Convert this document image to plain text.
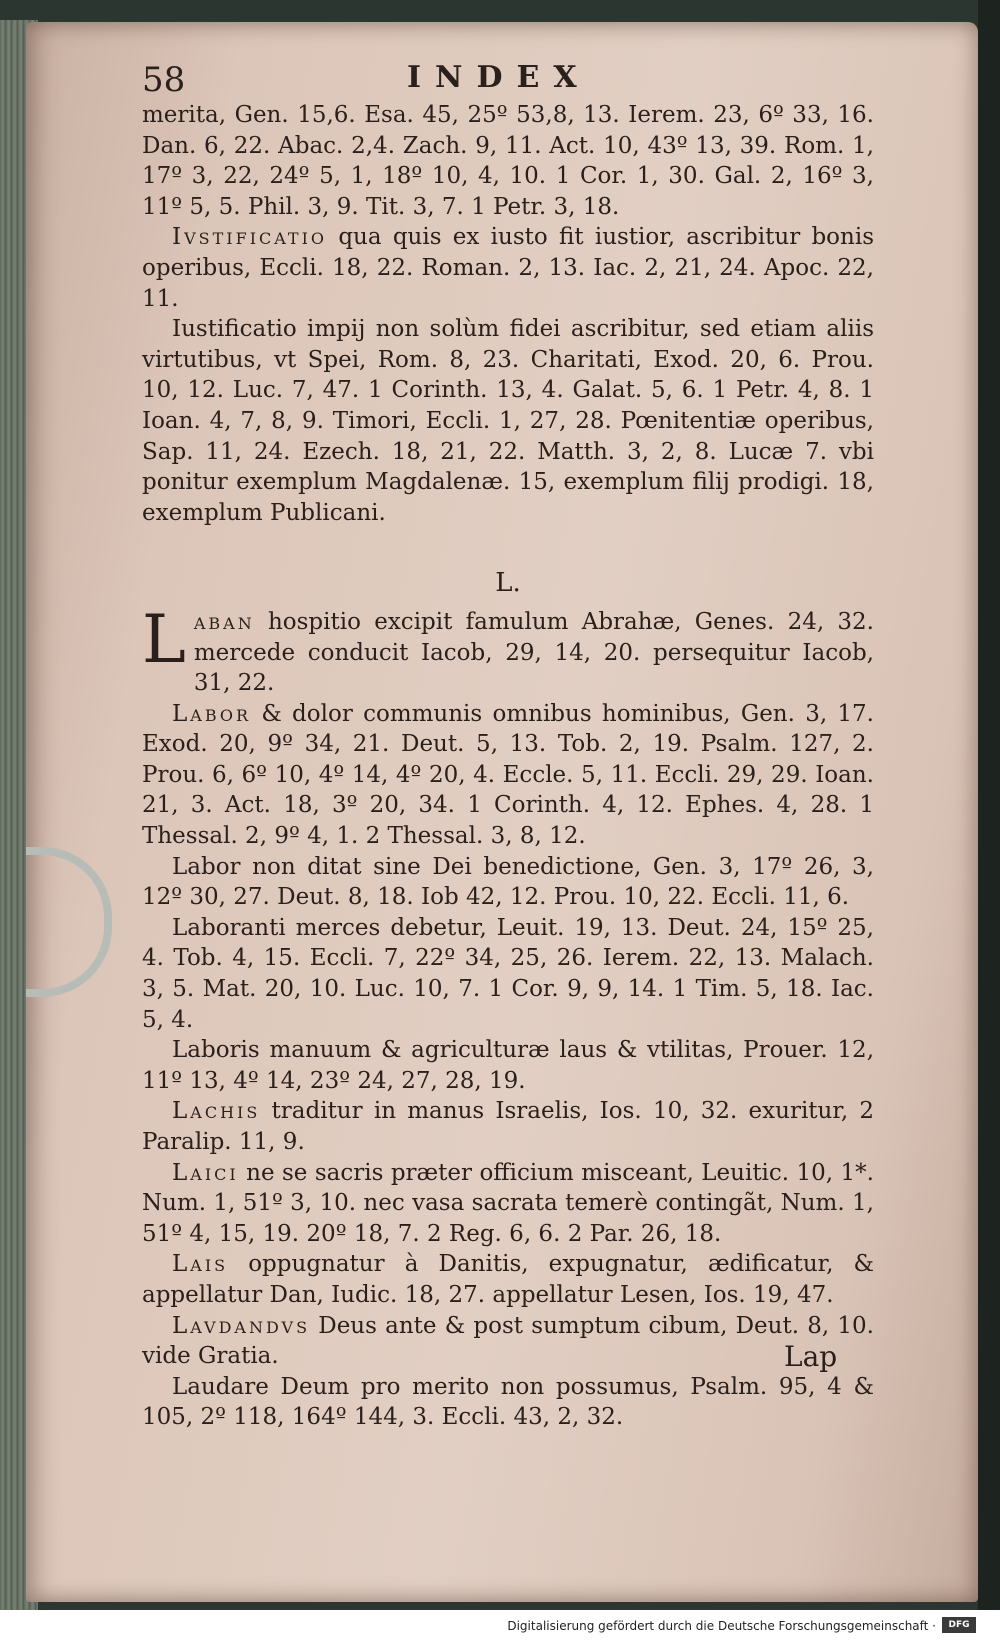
58	INDEX

merita, Gen. 15,6. Esa. 45, 25º 53,8, 13. Ierem. 23, 6º 33, 16. Dan. 6, 22. Abac. 2,4. Zach. 9, 11. Act. 10, 43º 13, 39. Rom. 1, 17º 3, 22, 24º 5, 1, 18º 10, 4, 10. 1 Cor. 1, 30. Gal. 2, 16º 3, 11º 5, 5. Phil. 3, 9. Tit. 3, 7. 1 Petr. 3, 18.

Ivstificatio qua quis ex iusto fit iustior, ascribitur bonis operibus, Eccli. 18, 22. Roman. 2, 13. Iac. 2, 21, 24. Apoc. 22, 11.

Iustificatio impij non solùm fidei ascribitur, sed etiam aliis virtutibus, vt Spei, Rom. 8, 23. Charitati, Exod. 20, 6. Prou. 10, 12. Luc. 7, 47. 1 Corinth. 13, 4. Galat. 5, 6. 1 Petr. 4, 8. 1 Ioan. 4, 7, 8, 9. Timori, Eccli. 1, 27, 28. Pœnitentiæ operibus, Sap. 11, 24. Ezech. 18, 21, 22. Matth. 3, 2, 8. Lucæ 7. vbi ponitur exemplum Magdalenæ. 15, exemplum filij prodigi. 18, exemplum Publicani.

L.

Laban hospitio excipit famulum Abrahæ, Genes. 24, 32. mercede conducit Iacob, 29, 14, 20. persequitur Iacob, 31, 22.

Labor & dolor communis omnibus hominibus, Gen. 3, 17. Exod. 20, 9º 34, 21. Deut. 5, 13. Tob. 2, 19. Psalm. 127, 2. Prou. 6, 6º 10, 4º 14, 4º 20, 4. Eccle. 5, 11. Eccli. 29, 29. Ioan. 21, 3. Act. 18, 3º 20, 34. 1 Corinth. 4, 12. Ephes. 4, 28. 1 Thessal. 2, 9º 4, 1. 2 Thessal. 3, 8, 12.

Labor non ditat sine Dei benedictione, Gen. 3, 17º 26, 3, 12º 30, 27. Deut. 8, 18. Iob 42, 12. Prou. 10, 22. Eccli. 11, 6.

Laboranti merces debetur, Leuit. 19, 13. Deut. 24, 15º 25, 4. Tob. 4, 15. Eccli. 7, 22º 34, 25, 26. Ierem. 22, 13. Malach. 3, 5. Mat. 20, 10. Luc. 10, 7. 1 Cor. 9, 9, 14. 1 Tim. 5, 18. Iac. 5, 4.

Laboris manuum & agriculturæ laus & vtilitas, Prouer. 12, 11º 13, 4º 14, 23º 24, 27, 28, 19.

Lachis traditur in manus Israelis, Ios. 10, 32. exuritur, 2 Paralip. 11, 9.

Laici ne se sacris præter officium misceant, Leuitic. 10, 1*. Num. 1, 51º 3, 10. nec vasa sacrata temerè contingãt, Num. 1, 51º 4, 15, 19. 20º 18, 7. 2 Reg. 6, 6. 2 Par. 26, 18.

Lais oppugnatur à Danitis, expugnatur, ædificatur, & appellatur Dan, Iudic. 18, 27. appellatur Lesen, Ios. 19, 47.

Lavdandvs Deus ante & post sumptum cibum, Deut. 8, 10. vide Gratia.

Laudare Deum pro merito non possumus, Psalm. 95, 4 & 105, 2º 118, 164º 144, 3. Eccli. 43, 2, 32.

Lap
Digitalisierung gefördert durch die Deutsche Forschungsgemeinschaft ·	DFG
